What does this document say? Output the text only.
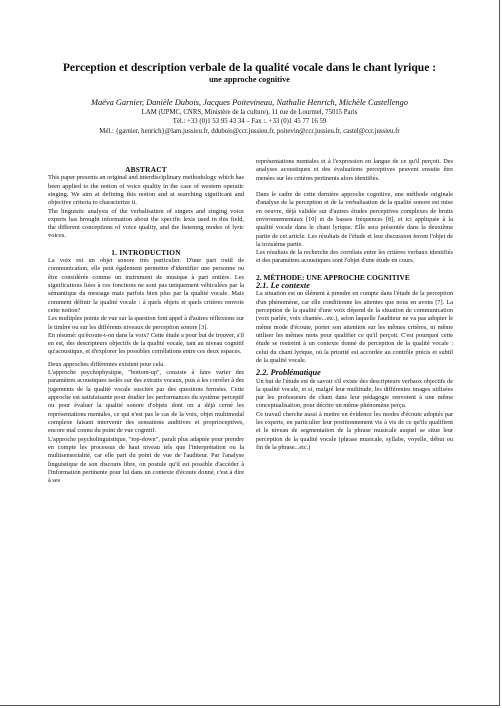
Perception et description verbale de la qualité vocale dans le chant lyrique :

une approche cognitive

Maëva Garnier, Danièle Dubois, Jacques Poitevineau, Nathalie Henrich, Michèle Castellengo
LAM (UPMC, CNRS, Ministère de la culture), 11 rue de Lourmel, 75015 Paris
Tél.: +33 (0)1 53 95 43 34 – Fax :. +33 (0)1 45 77 16 59
Mél.: {garnier, henrich}@lam.jussieu.fr, ddubois@ccr.jussieu.fr, poitevin@ccr.jussieu.fr, castel@ccr.jussieu.fr

ABSTRACT

This paper presents an original and interdisciplinary methodology which has been applied to the notion of voice quality in the case of western operatic singing. We aim at defining this notion and at searching significant and objective criteria to characterize it.

The linguistic analysis of the verbalisation of singers and singing voice experts has brought information about the specific lexis used in this field, the different conceptions of voice quality, and the listening modes of lyric voices.

1. INTRODUCTION

La voix est un objet sonore très particulier. D'une part outil de communication, elle peut également permettre d'identifier une personne ou être considérée comme un instrument de musique à part entière. Les significations liées à ces fonctions ne sont pas uniquement véhiculées par la sémantique du message mais parfois bien plus par la qualité vocale. Mais comment définir la qualité vocale : à quels objets et quels critères renvoie cette notion?

Les multiples points de vue sur la question font appel à d'autres réflexions sur le timbre ou sur les différents niveaux de perception sonore [3].

En résumé: qu'écoute-t-on dans la voix? Cette étude a pour but de trouver, s'il en est, des descripteurs objectifs de la qualité vocale, tant au niveau cognitif qu'acoustique, et d'explorer les possibles corrélations entre ces deux espaces.

Deux approches différentes existent pour cela.

L'approche psychophysique, "bottom-up", consiste à faire varier des paramètres acoustiques isolés sur des extraits vocaux, puis à les corréler à des jugements de la qualité vocale suscités par des questions fermées. Cette approche est satisfaisante pour étudier les performances du système perceptif ou pour évaluer la qualité sonore d'objets dont on a déjà cerné les représentations mentales, ce qui n'est pas le cas de la voix, objet multimodal complexe faisant intervenir des sensations auditives et proprioceptives, encore mal connu du point de vue cognitif.

L'approche psycholinguistique, "top-down", paraît plus adaptée pour prendre en compte les processus de haut niveau tels que l'interprétation ou la multisensorialité, car elle part du point de vue de l'auditeur. Par l'analyse linguistique de son discours libre, on postule qu'il est possible d'accéder à l'information pertinente pour lui dans un contexte d'écoute donné, c'est à dire à ses

représentations mentales et à l'expression en langue de ce qu'il perçoit. Des analyses acoustiques et des évaluations perceptives peuvent ensuite être menées sur les critères pertinents alors identifiés.

Dans le cadre de cette dernière approche cognitive, une méthode originale d'analyse de la perception et de la verbalisation de la qualité sonore est mise en oeuvre, déjà validée sur d'autres études perceptives complexes de bruits environnementaux [10] et de basses fréquences [8], et ici appliquée à la qualité vocale dans le chant lyrique. Elle sera présentée dans la deuxième partie de cet article. Les résultats de l'étude et leur discussion feront l'objet de la troisième partie.

Les résultats de la recherche des corrélats entre les critères verbaux identifiés et des paramètres acoustiques sont l'objet d'une étude en cours.

2. MÉTHODE: UNE APPROCHE COGNITIVE

2.1. Le contexte

La situation est un élément à prendre en compte dans l'étude de la perception d'un phénomène, car elle conditionne les attentes que nous en avons [7]. La perception de la qualité d'une voix dépend de la situation de communication (voix parlée, voix chantée...etc.), selon laquelle l'auditeur ne va pas adopter le même mode d'écoute, porter son attention sur les mêmes critères, ni même utiliser les mêmes mots pour qualifier ce qu'il perçoit. C'est pourquoi cette étude se restreint à un contexte donné de perception de la qualité vocale : celui du chant lyrique, où la priorité est accordée au contrôle précis et subtil de la qualité vocale.

2.2. Problématique

Un but de l'étude est de savoir s'il existe des descripteurs verbaux objectifs de la qualité vocale, et si, malgré leur multitude, les différentes images utilisées par les professeurs de chant dans leur pédagogie renvoient à une même conceptualisation, pour décrire un même phénomène perçu.

Ce travail cherche aussi à mettre en évidence les modes d'écoute adoptés par les experts, en particulier leur positionnement vis à vis de ce qu'ils qualifient et le niveau de segmentation de la phrase musicale auquel se situe leur perception de la qualité vocale (phrase musicale, syllabe, voyelle, début ou fin de la phrase...etc.)
